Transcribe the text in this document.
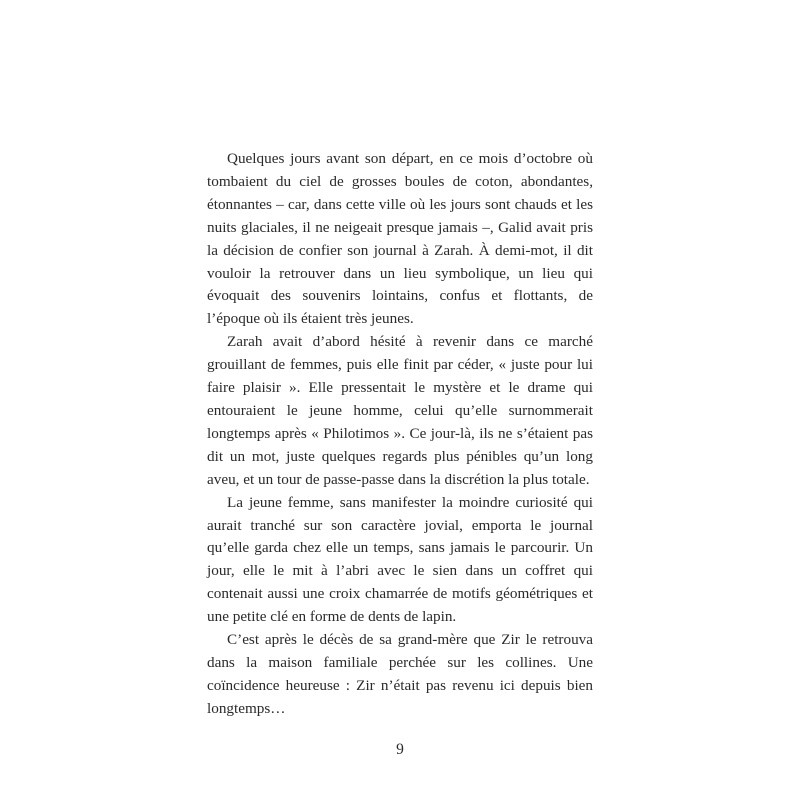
Quelques jours avant son départ, en ce mois d’octobre où tombaient du ciel de grosses boules de coton, abondantes, étonnantes – car, dans cette ville où les jours sont chauds et les nuits glaciales, il ne neigeait presque jamais –, Galid avait pris la décision de confier son journal à Zarah. À demi-mot, il dit vouloir la retrouver dans un lieu symbolique, un lieu qui évoquait des souvenirs lointains, confus et flottants, de l’époque où ils étaient très jeunes.

Zarah avait d’abord hésité à revenir dans ce marché grouillant de femmes, puis elle finit par céder, « juste pour lui faire plaisir ». Elle pressentait le mystère et le drame qui entouraient le jeune homme, celui qu’elle surnommerait longtemps après « Philotimos ». Ce jour-là, ils ne s’étaient pas dit un mot, juste quelques regards plus pénibles qu’un long aveu, et un tour de passe-passe dans la discrétion la plus totale.

La jeune femme, sans manifester la moindre curiosité qui aurait tranché sur son caractère jovial, emporta le journal qu’elle garda chez elle un temps, sans jamais le parcourir. Un jour, elle le mit à l’abri avec le sien dans un coffret qui contenait aussi une croix chamarrée de motifs géométriques et une petite clé en forme de dents de lapin.

C’est après le décès de sa grand-mère que Zir le retrouva dans la maison familiale perchée sur les collines. Une coïncidence heureuse : Zir n’était pas revenu ici depuis bien longtemps…

9
